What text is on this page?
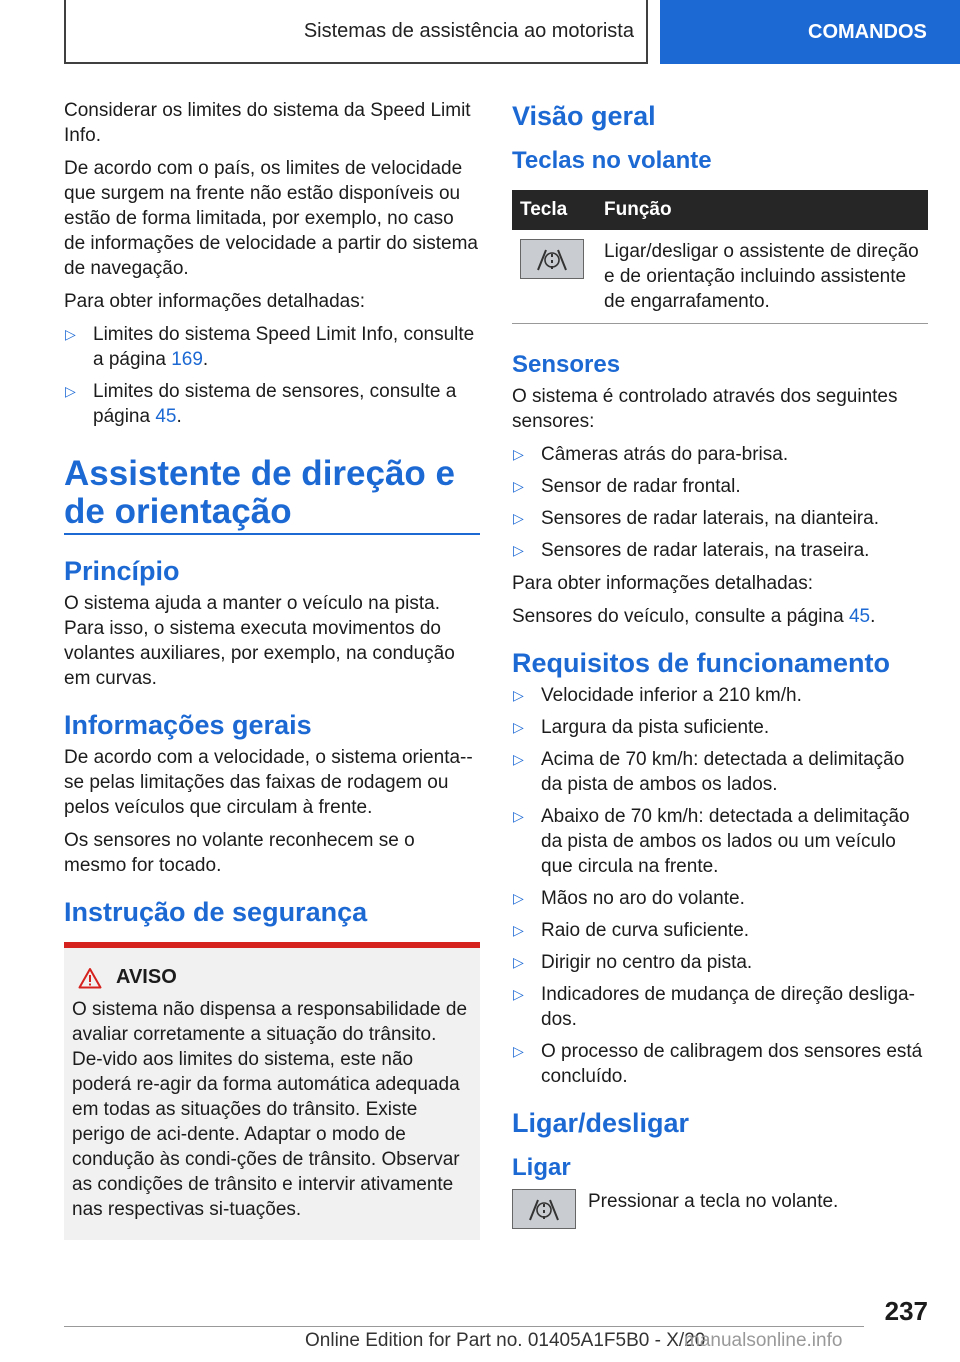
Sistemas de assistência ao motorista	COMANDOS

Considerar os limites do sistema da Speed Limit Info.

De acordo com o país, os limites de velocidade que surgem na frente não estão disponíveis ou estão de forma limitada, por exemplo, no caso de informações de velocidade a partir do sistema de navegação.

Para obter informações detalhadas:

▷ Limites do sistema Speed Limit Info, consulte a página 169.
▷ Limites do sistema de sensores, consulte a página 45.
Assistente de direção e de orientação
Princípio

O sistema ajuda a manter o veículo na pista. Para isso, o sistema executa movimentos do volantes auxiliares, por exemplo, na condução em curvas.

Informações gerais

De acordo com a velocidade, o sistema orienta--se pelas limitações das faixas de rodagem ou pelos veículos que circulam à frente.

Os sensores no volante reconhecem se o mesmo for tocado.

Instrução de segurança
AVISO

O sistema não dispensa a responsabilidade de avaliar corretamente a situação do trânsito. De-vido aos limites do sistema, este não poderá re-agir da forma automática adequada em todas as situações do trânsito. Existe perigo de aci-dente. Adaptar o modo de condução às condi-ções de trânsito. Observar as condições de trânsito e intervir ativamente nas respectivas si-tuações.

Visão geral
Teclas no volante
Tecla	Função

	Ligar/desligar o assistente de direção e de orientação incluindo assistente de engarrafamento.
Sensores

O sistema é controlado através dos seguintes sensores:

▷ Câmeras atrás do para-brisa.
▷ Sensor de radar frontal.
▷ Sensores de radar laterais, na dianteira.
▷ Sensores de radar laterais, na traseira.

Para obter informações detalhadas:

Sensores do veículo, consulte a página 45.

Requisitos de funcionamento
▷ Velocidade inferior a 210 km/h.
▷ Largura da pista suficiente.
▷ Acima de 70 km/h: detectada a delimitação da pista de ambos os lados.
▷ Abaixo de 70 km/h: detectada a delimitação da pista de ambos os lados ou um veículo que circula na frente.
▷ Mãos no aro do volante.
▷ Raio de curva suficiente.
▷ Dirigir no centro da pista.
▷ Indicadores de mudança de direção desliga-dos.
▷ O processo de calibragem dos sensores está concluído.
Ligar/desligar
Ligar

Pressionar a tecla no volante.

237
Online Edition for Part no. 01405A1F5B0 - X/20
manualsonline.info
